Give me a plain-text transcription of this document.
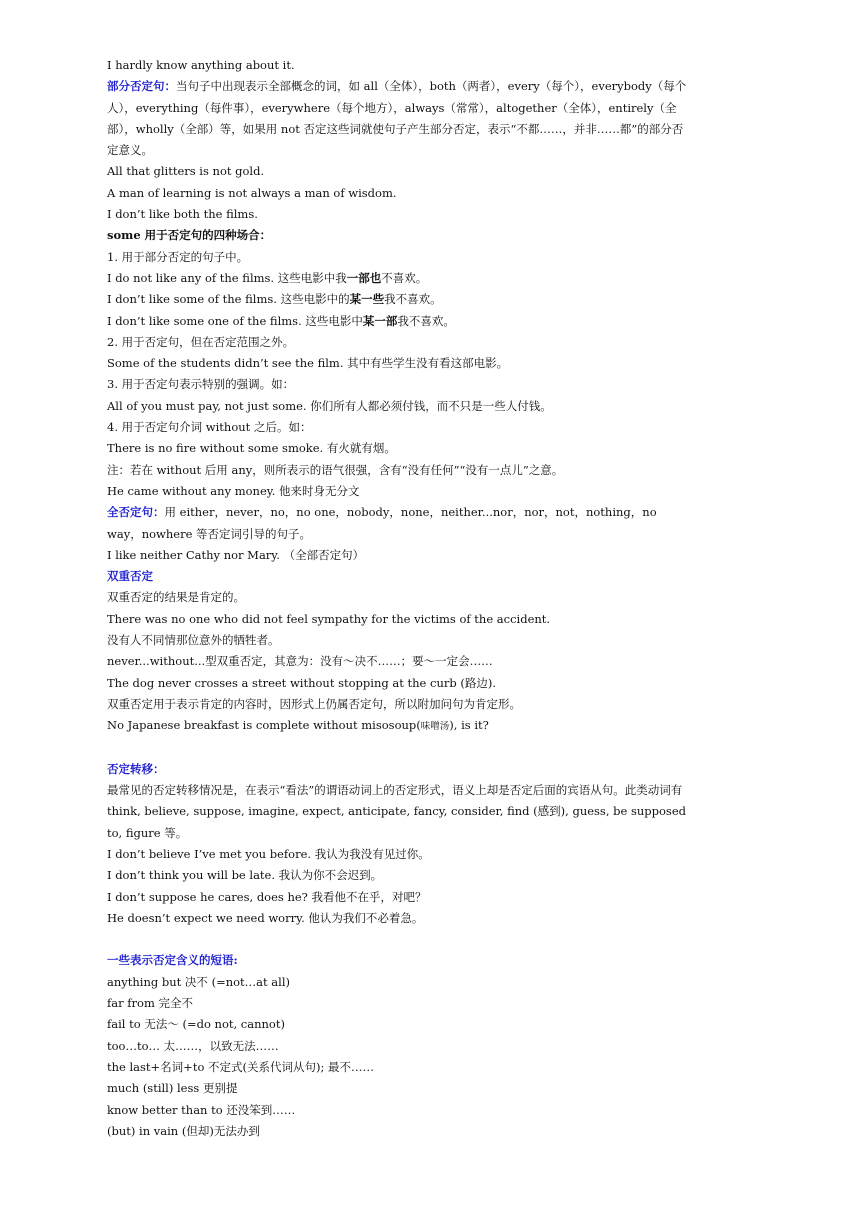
I hardly know anything about it.
部分否定句：当句子中出现表示全部概念的词，如 all（全体），both（两者），every（每个），everybody（每个人），everything（每件事），everywhere（每个地方），always（常常），altogether（全体），entirely（全部），wholly（全部）等，如果用 not 否定这些词就使句子产生部分否定，表示“不都……，并非……都”的部分否定意义。
All that glitters is not gold.
A man of learning is not always a man of wisdom.
I don’t like both the films.
some 用于否定句的四种场合：
1. 用于部分否定的句子中。
I do not like any of the films. 这些电影中我一部也不喜欢。
I don’t like some of the films. 这些电影中的某一些我不喜欢。
I don’t like some one of the films. 这些电影中某一部我不喜欢。
2. 用于否定句，但在否定范围之外。
Some of the students didn’t see the film. 其中有些学生没有看这部电影。
3. 用于否定句表示特别的强调。如：
All of you must pay, not just some. 你们所有人都必须付钱，而不只是一些人付钱。
4. 用于否定句介词 without 之后。如：
There is no fire without some smoke. 有火就有烟。
注：若在 without 后用 any，则所表示的语气很强，含有“没有任何”“没有一点儿”之意。
He came without any money. 他来时身无分文
全否定句：用 either，never，no，no one，nobody，none，neither...nor，nor，not，nothing，no way，nowhere 等否定词引导的句子。
I like neither Cathy nor Mary. （全部否定句）
双重否定
双重否定的结果是肯定的。
There was no one who did not feel sympathy for the victims of the accident.
没有人不同情那位意外的牺牲者。
never...without...型双重否定，其意为：没有～决不……；要～一定会……
The dog never crosses a street without stopping at the curb (路边).
双重否定用于表示肯定的内容时，因形式上仍属否定句，所以附加问句为肯定形。
No Japanese breakfast is complete without misosoup(味噌汤), is it?
否定转移：
最常见的否定转移情况是，在表示“看法”的谓语动词上的否定形式，语义上却是否定后面的宾语从句。此类动词有 think, believe, suppose, imagine, expect, anticipate, fancy, consider, find (感到), guess, be supposed to, figure 等。
I don’t believe I’ve met you before. 我认为我没有见过你。
I don’t think you will be late. 我认为你不会迟到。
I don’t suppose he cares, does he? 我看他不在乎，对吧？
He doesn’t expect we need worry. 他认为我们不必着急。
一些表示否定含义的短语:
anything but 决不 (=not…at all)
far from 完全不
fail to 无法～ (=do not, cannot)
too…to… 太……，以致无法……
the last+名词+to 不定式(关系代词从句); 最不……
much (still) less 更别提
know better than to 还没笨到……
(but) in vain (但却)无法办到
